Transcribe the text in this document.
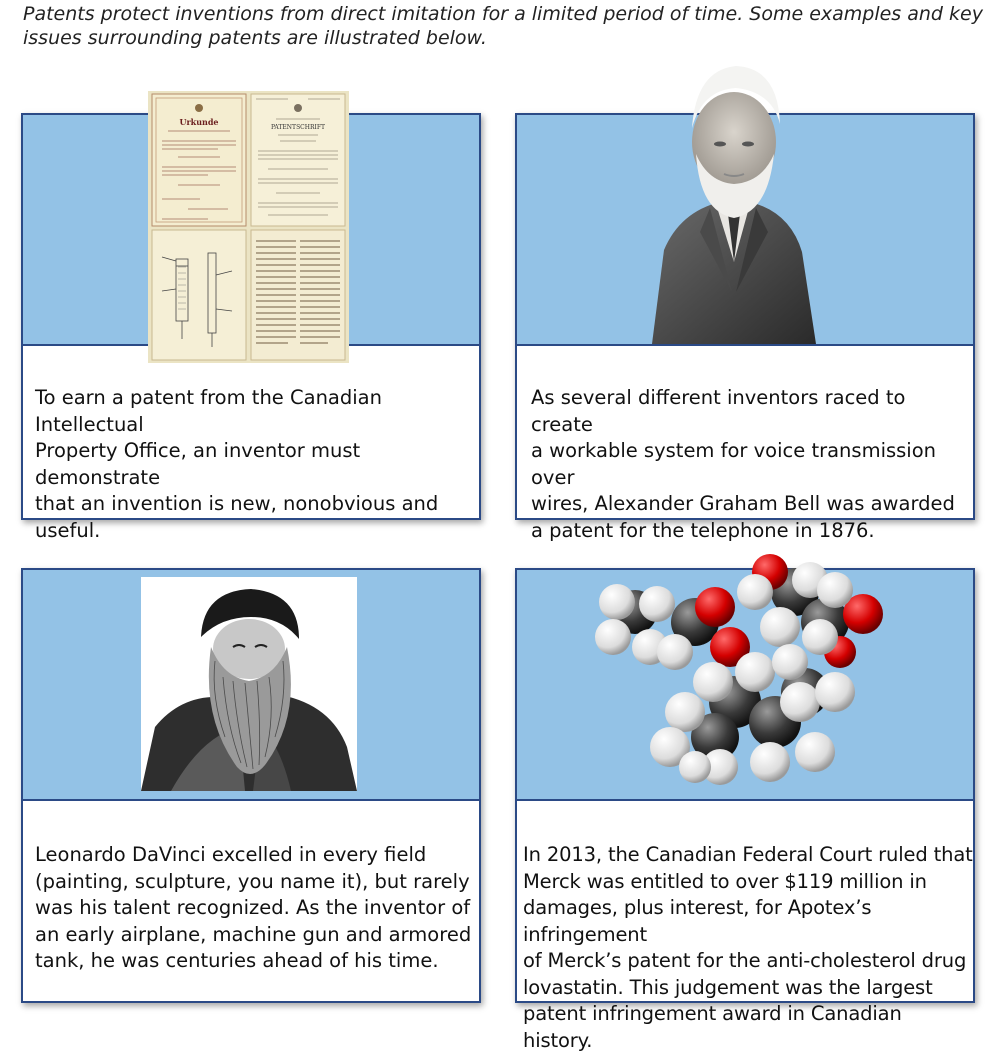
Patents protect inventions from direct imitation for a limited period of time. Some examples and key issues surrounding patents are illustrated below.

To earn a patent from the Canadian Intellectual
Property Office, an inventor must demonstrate
that an invention is new, nonobvious and useful.

Urkunde
PATENTSCHRIFT

As several different inventors raced to create
a workable system for voice transmission over
wires, Alexander Graham Bell was awarded
a patent for the telephone in 1876.

Leonardo DaVinci excelled in every field
(painting, sculpture, you name it), but rarely
was his talent recognized. As the inventor of
an early airplane, machine gun and armored
tank, he was centuries ahead of his time.

In 2013, the Canadian Federal Court ruled that
Merck was entitled to over $119 million in
damages, plus interest, for Apotex’s infringement
of Merck’s patent for the anti-cholesterol drug
lovastatin. This judgement was the largest
patent infringement award in Canadian history.
